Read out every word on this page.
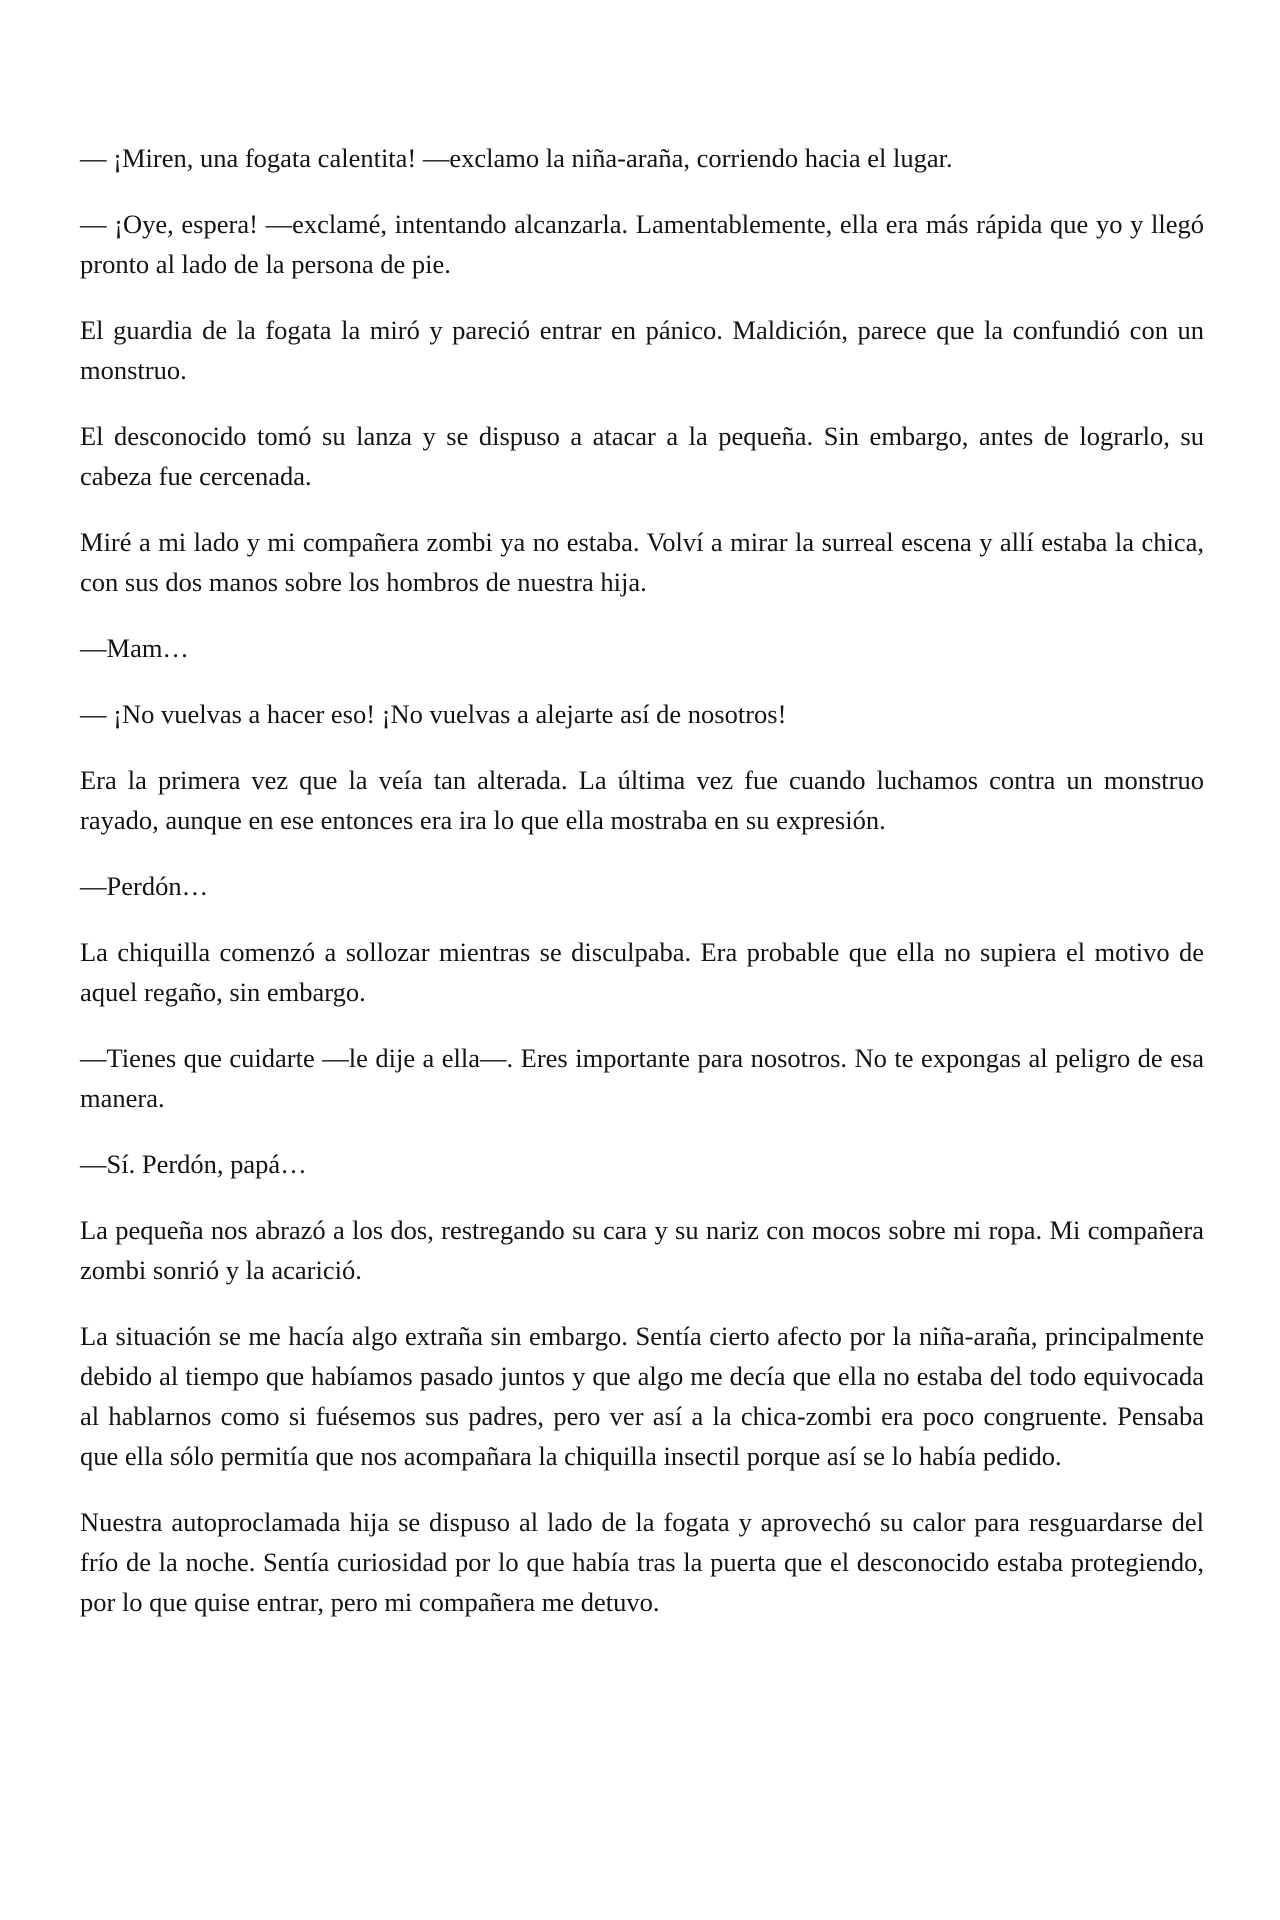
— ¡Miren, una fogata calentita! —exclamo la niña-araña, corriendo hacia el lugar.

— ¡Oye, espera! —exclamé, intentando alcanzarla. Lamentablemente, ella era más rápida que yo y llegó pronto al lado de la persona de pie.

El guardia de la fogata la miró y pareció entrar en pánico. Maldición, parece que la confundió con un monstruo.

El desconocido tomó su lanza y se dispuso a atacar a la pequeña. Sin embargo, antes de lograrlo, su cabeza fue cercenada.

Miré a mi lado y mi compañera zombi ya no estaba. Volví a mirar la surreal escena y allí estaba la chica, con sus dos manos sobre los hombros de nuestra hija.

—Mam…

— ¡No vuelvas a hacer eso! ¡No vuelvas a alejarte así de nosotros!

Era la primera vez que la veía tan alterada. La última vez fue cuando luchamos contra un monstruo rayado, aunque en ese entonces era ira lo que ella mostraba en su expresión.

—Perdón…

La chiquilla comenzó a sollozar mientras se disculpaba. Era probable que ella no supiera el motivo de aquel regaño, sin embargo.

—Tienes que cuidarte —le dije a ella—. Eres importante para nosotros. No te expongas al peligro de esa manera.

—Sí. Perdón, papá…

La pequeña nos abrazó a los dos, restregando su cara y su nariz con mocos sobre mi ropa. Mi compañera zombi sonrió y la acarició.

La situación se me hacía algo extraña sin embargo. Sentía cierto afecto por la niña-araña, principalmente debido al tiempo que habíamos pasado juntos y que algo me decía que ella no estaba del todo equivocada al hablarnos como si fuésemos sus padres, pero ver así a la chica-zombi era poco congruente. Pensaba que ella sólo permitía que nos acompañara la chiquilla insectil porque así se lo había pedido.

Nuestra autoproclamada hija se dispuso al lado de la fogata y aprovechó su calor para resguardarse del frío de la noche. Sentía curiosidad por lo que había tras la puerta que el desconocido estaba protegiendo, por lo que quise entrar, pero mi compañera me detuvo.
